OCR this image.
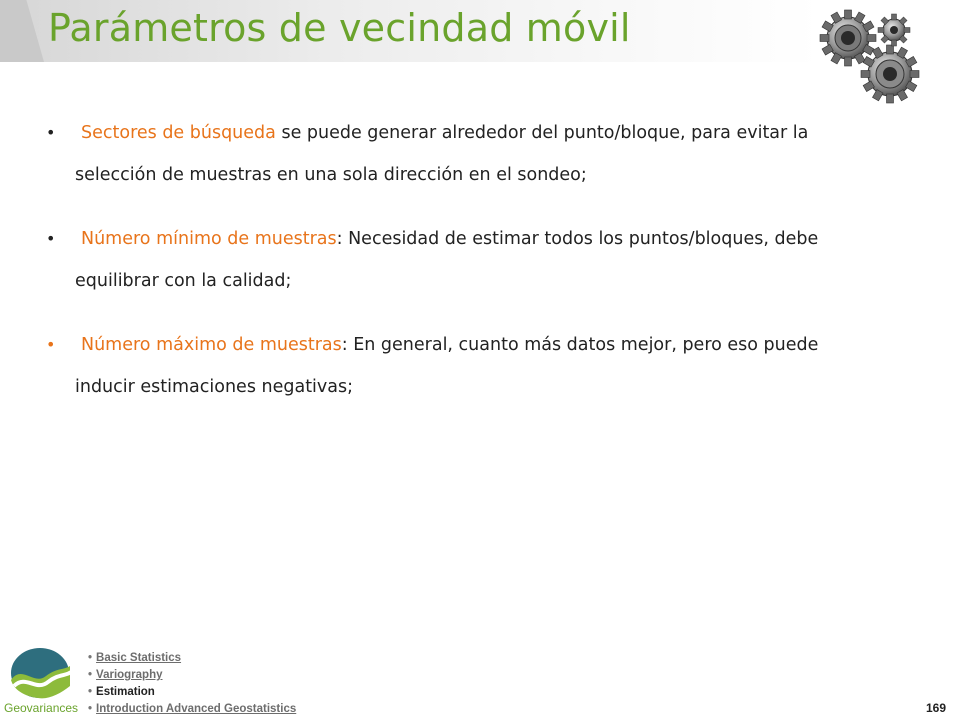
Parámetros de vecindad móvil
• Sectores de búsqueda se puede generar alrededor del punto/bloque, para evitar la
selección de muestras en una sola dirección en el sondeo;
• Número mínimo de muestras: Necesidad de estimar todos los puntos/bloques, debe
equilibrar con la calidad;
• Número máximo de muestras: En general, cuanto más datos mejor, pero eso puede
inducir estimaciones negativas;
Geovariances
• Basic Statistics
• Variography
• Estimation
• Introduction Advanced Geostatistics	169
